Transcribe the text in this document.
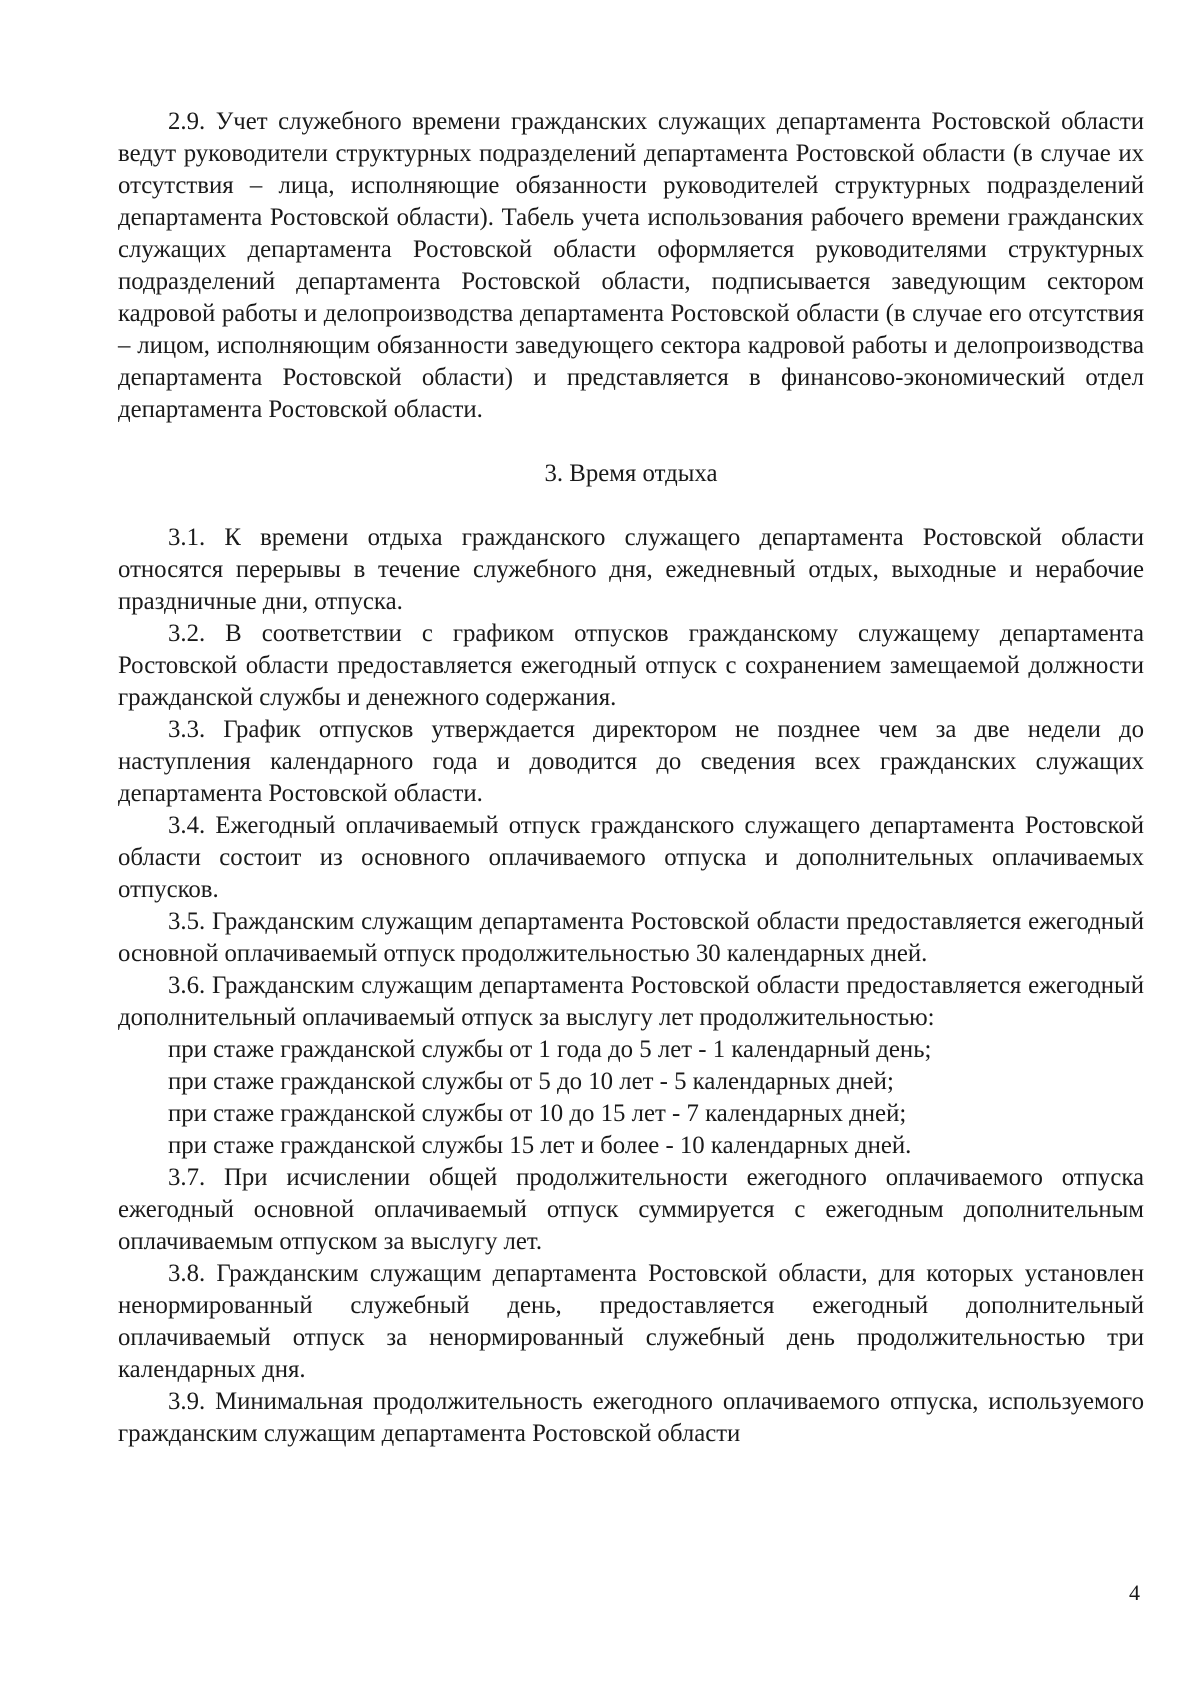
2.9. Учет служебного времени гражданских служащих департамента Ростовской области ведут руководители структурных подразделений департамента Ростовской области (в случае их отсутствия – лица, исполняющие обязанности руководителей структурных подразделений департамента Ростовской области). Табель учета использования рабочего времени гражданских служащих департамента Ростовской области оформляется руководителями структурных подразделений департамента Ростовской области, подписывается заведующим сектором кадровой работы и делопроизводства департамента Ростовской области (в случае его отсутствия – лицом, исполняющим обязанности заведующего сектора кадровой работы и делопроизводства департамента Ростовской области) и представляется в финансово-экономический отдел департамента Ростовской области.

3. Время отдыха

3.1. К времени отдыха гражданского служащего департамента Ростовской области относятся перерывы в течение служебного дня, ежедневный отдых, выходные и нерабочие праздничные дни, отпуска.

3.2. В соответствии с графиком отпусков гражданскому служащему департамента Ростовской области предоставляется ежегодный отпуск с сохранением замещаемой должности гражданской службы и денежного содержания.

3.3. График отпусков утверждается директором не позднее чем за две недели до наступления календарного года и доводится до сведения всех гражданских служащих департамента Ростовской области.

3.4. Ежегодный оплачиваемый отпуск гражданского служащего департамента Ростовской области состоит из основного оплачиваемого отпуска и дополнительных оплачиваемых отпусков.

3.5. Гражданским служащим департамента Ростовской области предоставляется ежегодный основной оплачиваемый отпуск продолжительностью 30 календарных дней.

3.6. Гражданским служащим департамента Ростовской области предоставляется ежегодный дополнительный оплачиваемый отпуск за выслугу лет продолжительностью:

при стаже гражданской службы от 1 года до 5 лет - 1 календарный день;

при стаже гражданской службы от 5 до 10 лет - 5 календарных дней;

при стаже гражданской службы от 10 до 15 лет - 7 календарных дней;

при стаже гражданской службы 15 лет и более - 10 календарных дней.

3.7. При исчислении общей продолжительности ежегодного оплачиваемого отпуска ежегодный основной оплачиваемый отпуск суммируется с ежегодным дополнительным оплачиваемым отпуском за выслугу лет.

3.8. Гражданским служащим департамента Ростовской области, для которых установлен ненормированный служебный день, предоставляется ежегодный дополнительный оплачиваемый отпуск за ненормированный служебный день продолжительностью три календарных дня.

3.9. Минимальная продолжительность ежегодного оплачиваемого отпуска, используемого гражданским служащим департамента Ростовской области

4
